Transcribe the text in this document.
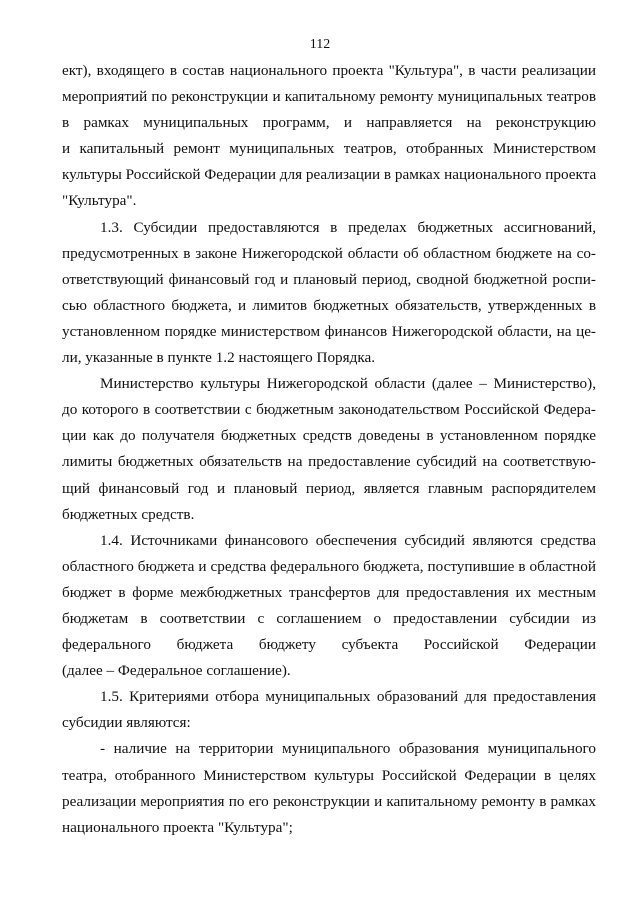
112
ект), входящего в состав национального проекта "Культура", в части реализации
мероприятий по реконструкции и капитальному ремонту муниципальных театров
в рамках муниципальных программ, и направляется на реконструкцию
и капитальный ремонт муниципальных театров, отобранных Министерством
культуры Российской Федерации для реализации в рамках национального проекта
"Культура".
1.3. Субсидии предоставляются в пределах бюджетных ассигнований,
предусмотренных в законе Нижегородской области об областном бюджете на со-
ответствующий финансовый год и плановый период, сводной бюджетной роспи-
сью областного бюджета, и лимитов бюджетных обязательств, утвержденных в
установленном порядке министерством финансов Нижегородской области, на це-
ли, указанные в пункте 1.2 настоящего Порядка.
Министерство культуры Нижегородской области (далее – Министерство),
до которого в соответствии с бюджетным законодательством Российской Федера-
ции как до получателя бюджетных средств доведены в установленном порядке
лимиты бюджетных обязательств на предоставление субсидий на соответствую-
щий финансовый год и плановый период, является главным распорядителем
бюджетных средств.
1.4. Источниками финансового обеспечения субсидий являются средства
областного бюджета и средства федерального бюджета, поступившие в областной
бюджет в форме межбюджетных трансфертов для предоставления их местным
бюджетам в соответствии с соглашением о предоставлении субсидии из
федерального бюджета бюджету субъекта Российской Федерации
(далее – Федеральное соглашение).
1.5. Критериями отбора муниципальных образований для предоставления
субсидии являются:
- наличие на территории муниципального образования муниципального
театра, отобранного Министерством культуры Российской Федерации в целях
реализации мероприятия по его реконструкции и капитальному ремонту в рамках
национального проекта "Культура";
